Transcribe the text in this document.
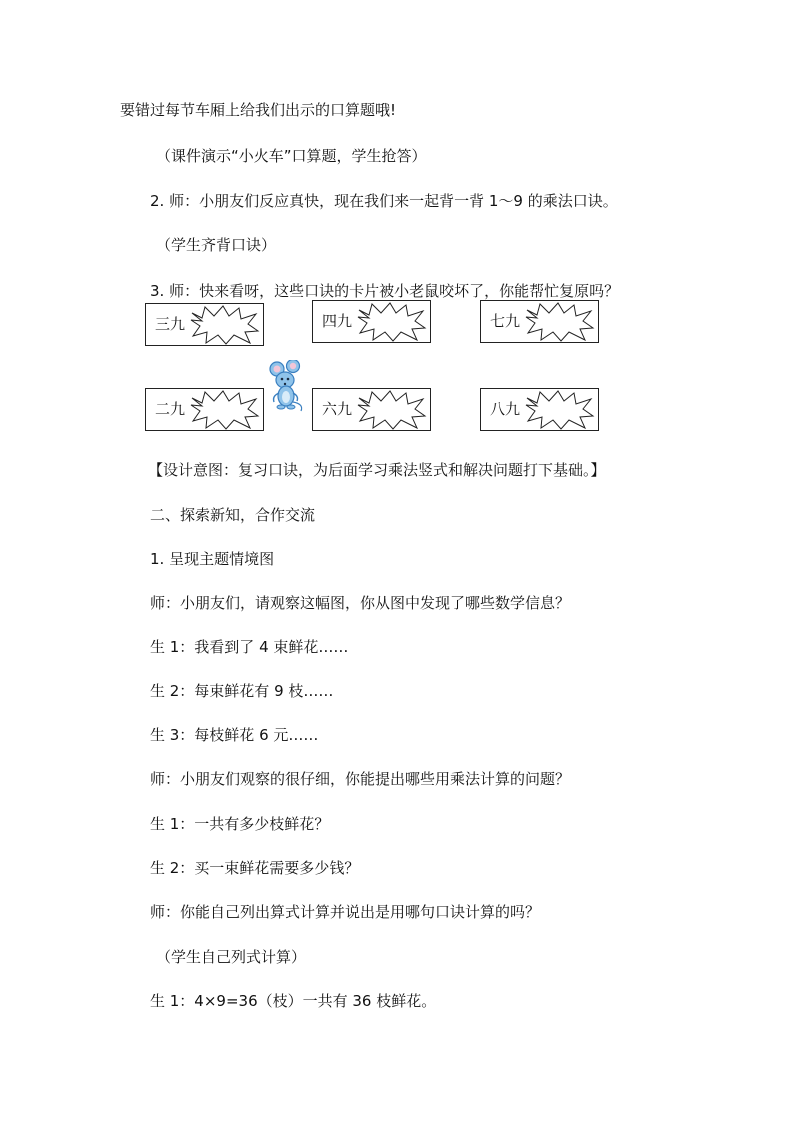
要错过每节车厢上给我们出示的口算题哦!
（课件演示“小火车”口算题，学生抢答）
2. 师：小朋友们反应真快，现在我们来一起背一背 1～9 的乘法口诀。
（学生齐背口诀）
3. 师：快来看呀，这些口诀的卡片被小老鼠咬坏了，你能帮忙复原吗？
三九	四九	七九
二九	六九	八九
【设计意图：复习口诀，为后面学习乘法竖式和解决问题打下基础。】
二、探索新知，合作交流
1. 呈现主题情境图
师：小朋友们，请观察这幅图，你从图中发现了哪些数学信息？
生 1：我看到了 4 束鲜花……
生 2：每束鲜花有 9 枝……
生 3：每枝鲜花 6 元……
师：小朋友们观察的很仔细，你能提出哪些用乘法计算的问题？
生 1：一共有多少枝鲜花？
生 2：买一束鲜花需要多少钱？
师：你能自己列出算式计算并说出是用哪句口诀计算的吗？
（学生自己列式计算）
生 1：4×9=36（枝）一共有 36 枝鲜花。
